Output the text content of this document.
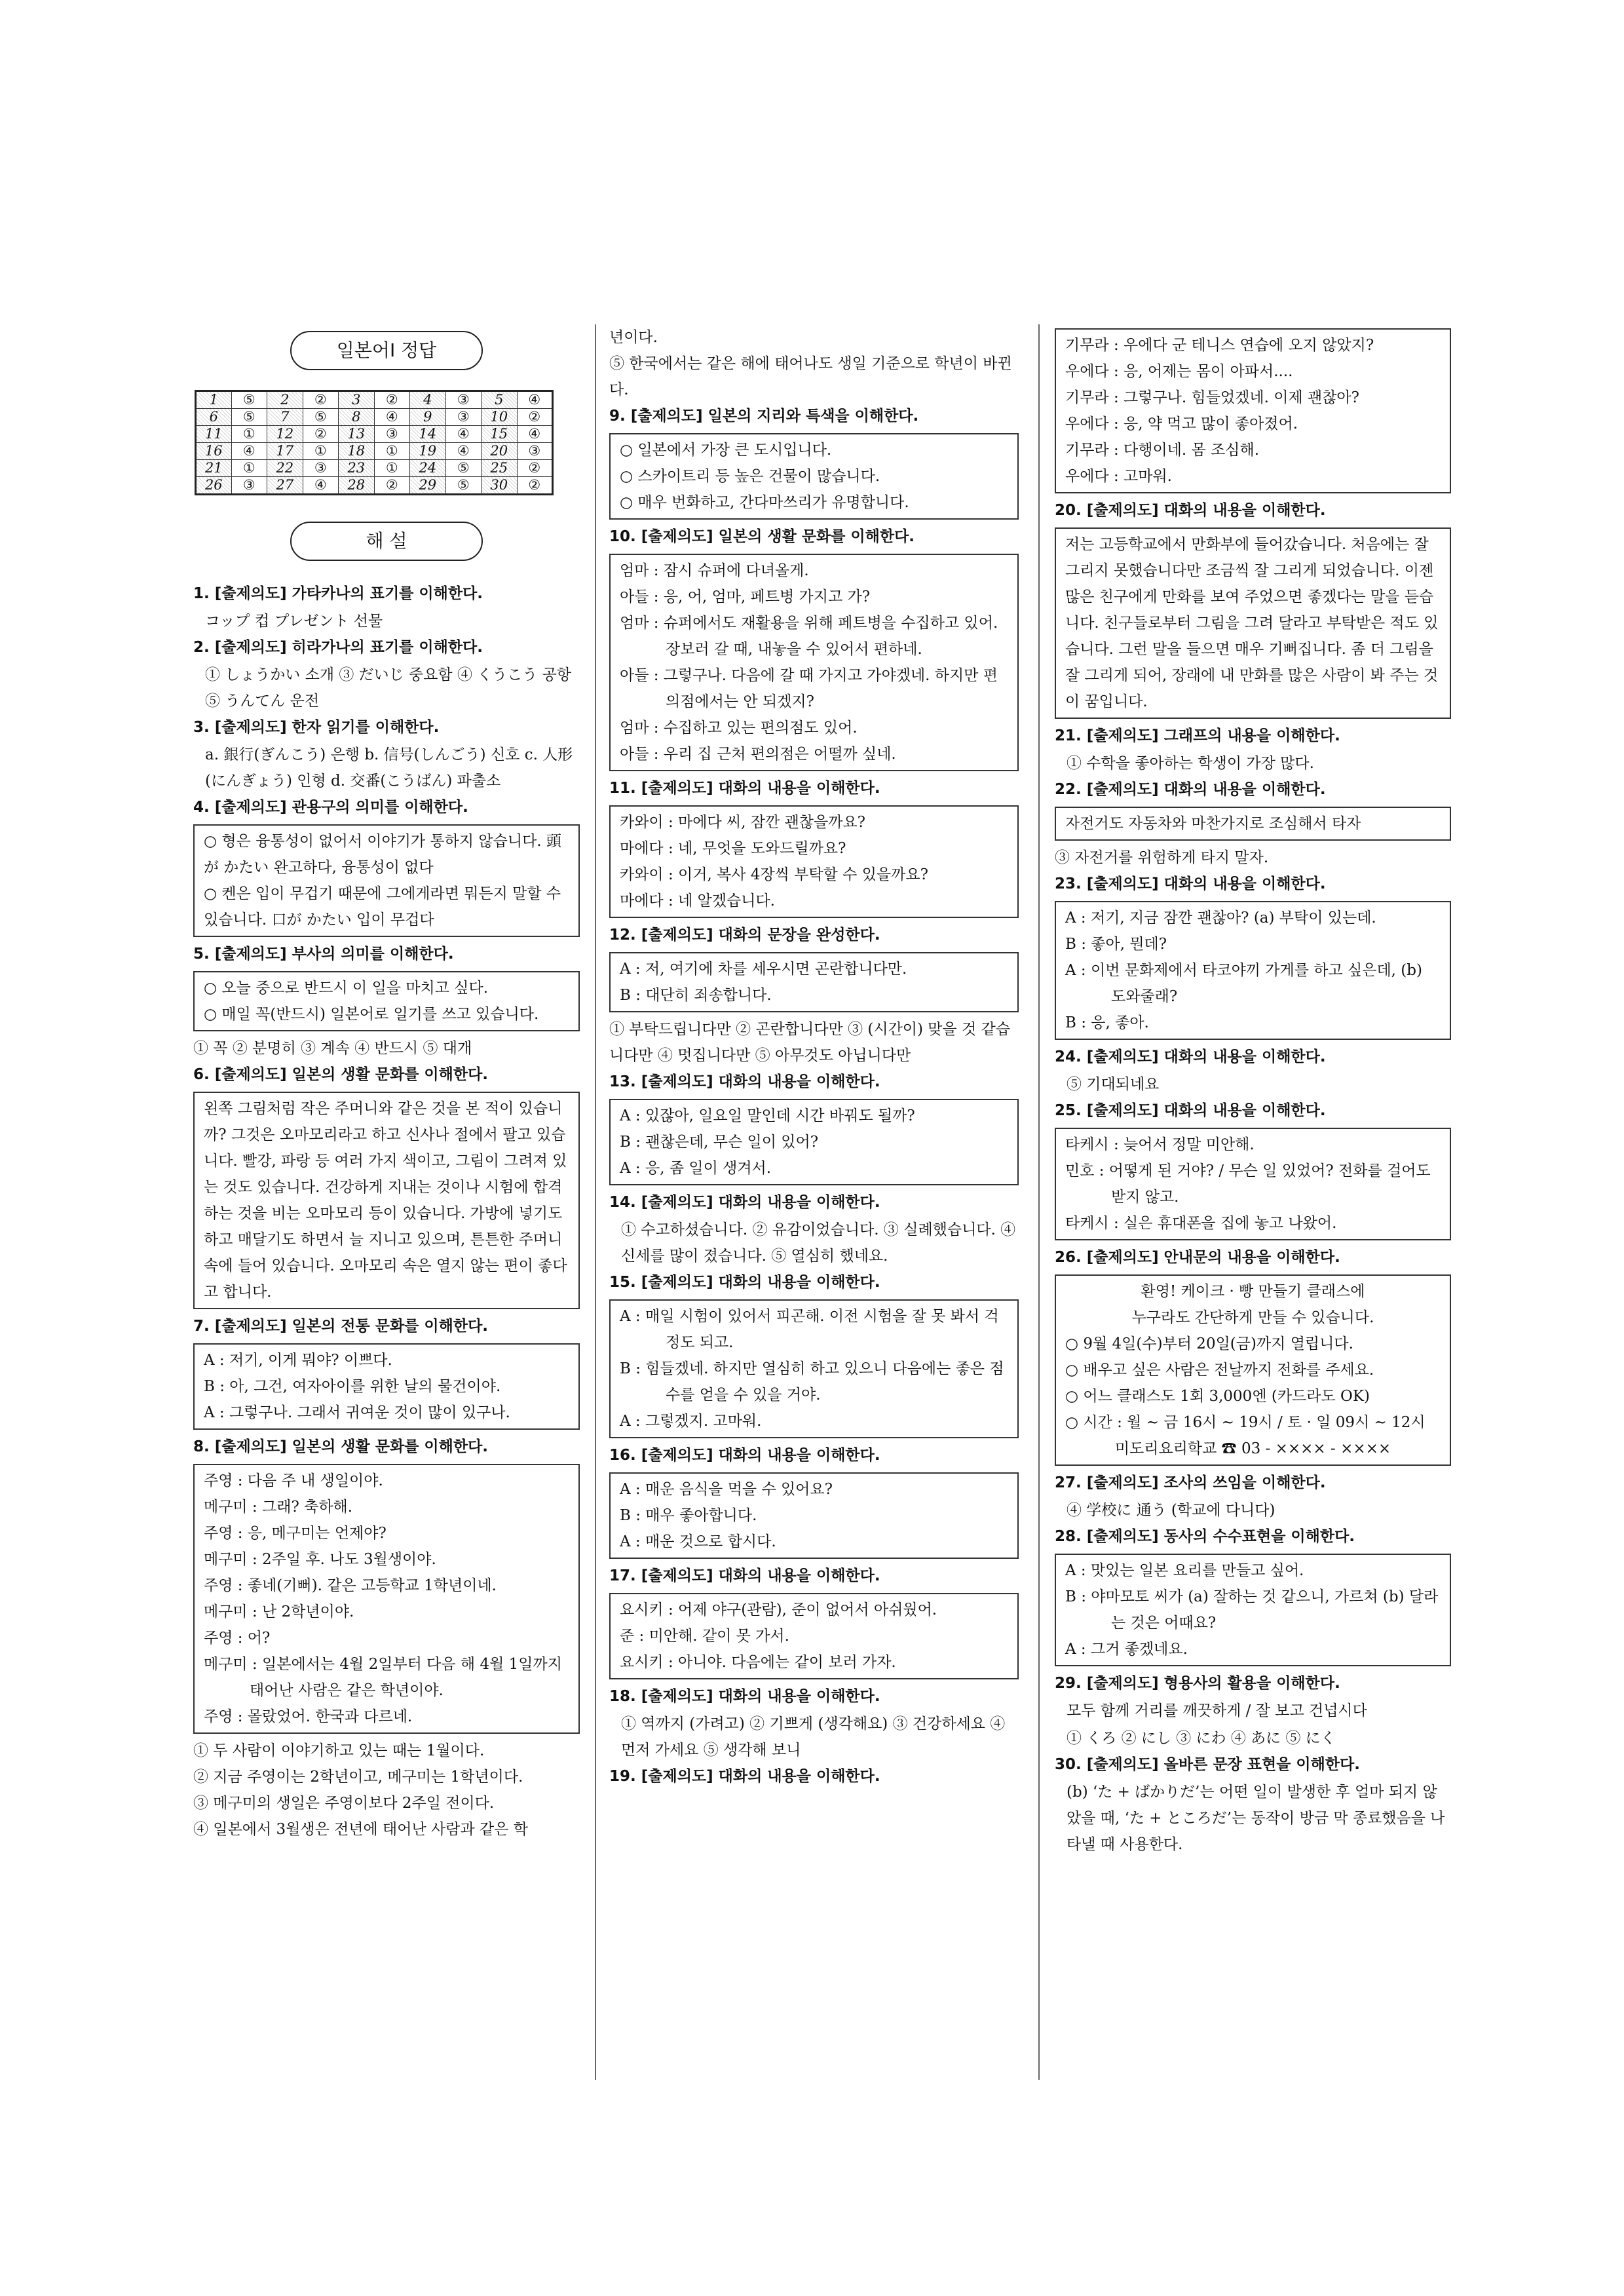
일본어Ⅰ 정답
1	⑤	2	②	3	②	4	③	5	④
6	⑤	7	⑤	8	④	9	③	10	②
11	①	12	②	13	③	14	④	15	④
16	④	17	①	18	①	19	④	20	③
21	①	22	③	23	①	24	⑤	25	②
26	③	27	④	28	②	29	⑤	30	②
해 설
1. [출제의도] 가타카나의 표기를 이해한다.
コップ 컵 プレゼント 선물
2. [출제의도] 히라가나의 표기를 이해한다.
① しょうかい 소개 ③ だいじ 중요함 ④ くうこう 공항 ⑤ うんてん 운전
3. [출제의도] 한자 읽기를 이해한다.
a. 銀行(ぎんこう) 은행 b. 信号(しんごう) 신호 c. 人形(にんぎょう) 인형 d. 交番(こうばん) 파출소
4. [출제의도] 관용구의 의미를 이해한다.
○ 형은 융통성이 없어서 이야기가 통하지 않습니다. 頭が かたい 완고하다, 융통성이 없다
○ 켄은 입이 무겁기 때문에 그에게라면 뭐든지 말할 수 있습니다. 口が かたい 입이 무겁다
5. [출제의도] 부사의 의미를 이해한다.
○ 오늘 중으로 반드시 이 일을 마치고 싶다.
○ 매일 꼭(반드시) 일본어로 일기를 쓰고 있습니다.
① 꼭 ② 분명히 ③ 계속 ④ 반드시 ⑤ 대개
6. [출제의도] 일본의 생활 문화를 이해한다.
왼쪽 그림처럼 작은 주머니와 같은 것을 본 적이 있습니까? 그것은 오마모리라고 하고 신사나 절에서 팔고 있습니다. 빨강, 파랑 등 여러 가지 색이고, 그림이 그려져 있는 것도 있습니다. 건강하게 지내는 것이나 시험에 합격하는 것을 비는 오마모리 등이 있습니다. 가방에 넣기도 하고 매달기도 하면서 늘 지니고 있으며, 튼튼한 주머니 속에 들어 있습니다. 오마모리 속은 열지 않는 편이 좋다고 합니다.
7. [출제의도] 일본의 전통 문화를 이해한다.
A : 저기, 이게 뭐야? 이쁘다.
B : 아, 그건, 여자아이를 위한 날의 물건이야.
A : 그렇구나. 그래서 귀여운 것이 많이 있구나.
8. [출제의도] 일본의 생활 문화를 이해한다.
주영 : 다음 주 내 생일이야.
메구미 : 그래? 축하해.
주영 : 응, 메구미는 언제야?
메구미 : 2주일 후. 나도 3월생이야.
주영 : 좋네(기뻐). 같은 고등학교 1학년이네.
메구미 : 난 2학년이야.
주영 : 어?
메구미 : 일본에서는 4월 2일부터 다음 해 4월 1일까지 태어난 사람은 같은 학년이야.
주영 : 몰랐었어. 한국과 다르네.
① 두 사람이 이야기하고 있는 때는 1월이다.
② 지금 주영이는 2학년이고, 메구미는 1학년이다.
③ 메구미의 생일은 주영이보다 2주일 전이다.
④ 일본에서 3월생은 전년에 태어난 사람과 같은 학
년이다.
⑤ 한국에서는 같은 해에 태어나도 생일 기준으로 학년이 바뀐다.
9. [출제의도] 일본의 지리와 특색을 이해한다.
○ 일본에서 가장 큰 도시입니다.
○ 스카이트리 등 높은 건물이 많습니다.
○ 매우 번화하고, 간다마쓰리가 유명합니다.
10. [출제의도] 일본의 생활 문화를 이해한다.
엄마 : 잠시 슈퍼에 다녀올게.
아들 : 응, 어, 엄마, 페트병 가지고 가?
엄마 : 슈퍼에서도 재활용을 위해 페트병을 수집하고 있어. 장보러 갈 때, 내놓을 수 있어서 편하네.
아들 : 그렇구나. 다음에 갈 때 가지고 가야겠네. 하지만 편의점에서는 안 되겠지?
엄마 : 수집하고 있는 편의점도 있어.
아들 : 우리 집 근처 편의점은 어떨까 싶네.
11. [출제의도] 대화의 내용을 이해한다.
카와이 : 마에다 씨, 잠깐 괜찮을까요?
마에다 : 네, 무엇을 도와드릴까요?
카와이 : 이거, 복사 4장씩 부탁할 수 있을까요?
마에다 : 네 알겠습니다.
12. [출제의도] 대화의 문장을 완성한다.
A : 저, 여기에 차를 세우시면 곤란합니다만.
B : 대단히 죄송합니다.
① 부탁드립니다만 ② 곤란합니다만 ③ (시간이) 맞을 것 같습니다만 ④ 멋집니다만 ⑤ 아무것도 아닙니다만
13. [출제의도] 대화의 내용을 이해한다.
A : 있잖아, 일요일 말인데 시간 바꿔도 될까?
B : 괜찮은데, 무슨 일이 있어?
A : 응, 좀 일이 생겨서.
14. [출제의도] 대화의 내용을 이해한다.
① 수고하셨습니다. ② 유감이었습니다. ③ 실례했습니다. ④ 신세를 많이 졌습니다. ⑤ 열심히 했네요.
15. [출제의도] 대화의 내용을 이해한다.
A : 매일 시험이 있어서 피곤해. 이전 시험을 잘 못 봐서 걱정도 되고.
B : 힘들겠네. 하지만 열심히 하고 있으니 다음에는 좋은 점수를 얻을 수 있을 거야.
A : 그렇겠지. 고마워.
16. [출제의도] 대화의 내용을 이해한다.
A : 매운 음식을 먹을 수 있어요?
B : 매우 좋아합니다.
A : 매운 것으로 합시다.
17. [출제의도] 대화의 내용을 이해한다.
요시키 : 어제 야구(관람), 준이 없어서 아쉬웠어.
준 : 미안해. 같이 못 가서.
요시키 : 아니야. 다음에는 같이 보러 가자.
18. [출제의도] 대화의 내용을 이해한다.
① 역까지 (가려고) ② 기쁘게 (생각해요) ③ 건강하세요 ④ 먼저 가세요 ⑤ 생각해 보니
19. [출제의도] 대화의 내용을 이해한다.
기무라 : 우에다 군 테니스 연습에 오지 않았지?
우에다 : 응, 어제는 몸이 아파서....
기무라 : 그렇구나. 힘들었겠네. 이제 괜찮아?
우에다 : 응, 약 먹고 많이 좋아졌어.
기무라 : 다행이네. 몸 조심해.
우에다 : 고마워.
20. [출제의도] 대화의 내용을 이해한다.
저는 고등학교에서 만화부에 들어갔습니다. 처음에는 잘 그리지 못했습니다만 조금씩 잘 그리게 되었습니다. 이젠 많은 친구에게 만화를 보여 주었으면 좋겠다는 말을 듣습니다. 친구들로부터 그림을 그려 달라고 부탁받은 적도 있습니다. 그런 말을 들으면 매우 기뻐집니다. 좀 더 그림을 잘 그리게 되어, 장래에 내 만화를 많은 사람이 봐 주는 것이 꿈입니다.
21. [출제의도] 그래프의 내용을 이해한다.
① 수학을 좋아하는 학생이 가장 많다.
22. [출제의도] 대화의 내용을 이해한다.
자전거도 자동차와 마찬가지로 조심해서 타자
③ 자전거를 위험하게 타지 말자.
23. [출제의도] 대화의 내용을 이해한다.
A : 저기, 지금 잠깐 괜찮아? (a) 부탁이 있는데.
B : 좋아, 뭔데?
A : 이번 문화제에서 타코야끼 가게를 하고 싶은데, (b) 도와줄래?
B : 응, 좋아.
24. [출제의도] 대화의 내용을 이해한다.
⑤ 기대되네요
25. [출제의도] 대화의 내용을 이해한다.
타케시 : 늦어서 정말 미안해.
민호 : 어떻게 된 거야? / 무슨 일 있었어? 전화를 걸어도 받지 않고.
타케시 : 실은 휴대폰을 집에 놓고 나왔어.
26. [출제의도] 안내문의 내용을 이해한다.
환영! 케이크 · 빵 만들기 클래스에
누구라도 간단하게 만들 수 있습니다.
○ 9월 4일(수)부터 20일(금)까지 열립니다.
○ 배우고 싶은 사람은 전날까지 전화를 주세요.
○ 어느 클래스도 1회 3,000엔 (카드라도 OK)
○ 시간 : 월 ~ 금 16시 ~ 19시 / 토 · 일 09시 ~ 12시
미도리요리학교 ☎ 03 - ×××× - ××××
27. [출제의도] 조사의 쓰임을 이해한다.
④ 学校に 通う (학교에 다니다)
28. [출제의도] 동사의 수수표현을 이해한다.
A : 맛있는 일본 요리를 만들고 싶어.
B : 야마모토 씨가 (a) 잘하는 것 같으니, 가르쳐 (b) 달라는 것은 어때요?
A : 그거 좋겠네요.
29. [출제의도] 형용사의 활용을 이해한다.
모두 함께 거리를 깨끗하게 / 잘 보고 건넙시다
① くろ ② にし ③ にわ ④ あに ⑤ にく
30. [출제의도] 올바른 문장 표현을 이해한다.
(b) ‘た + ばかりだ’는 어떤 일이 발생한 후 얼마 되지 않았을 때, ‘た + ところだ’는 동작이 방금 막 종료했음을 나타낼 때 사용한다.
